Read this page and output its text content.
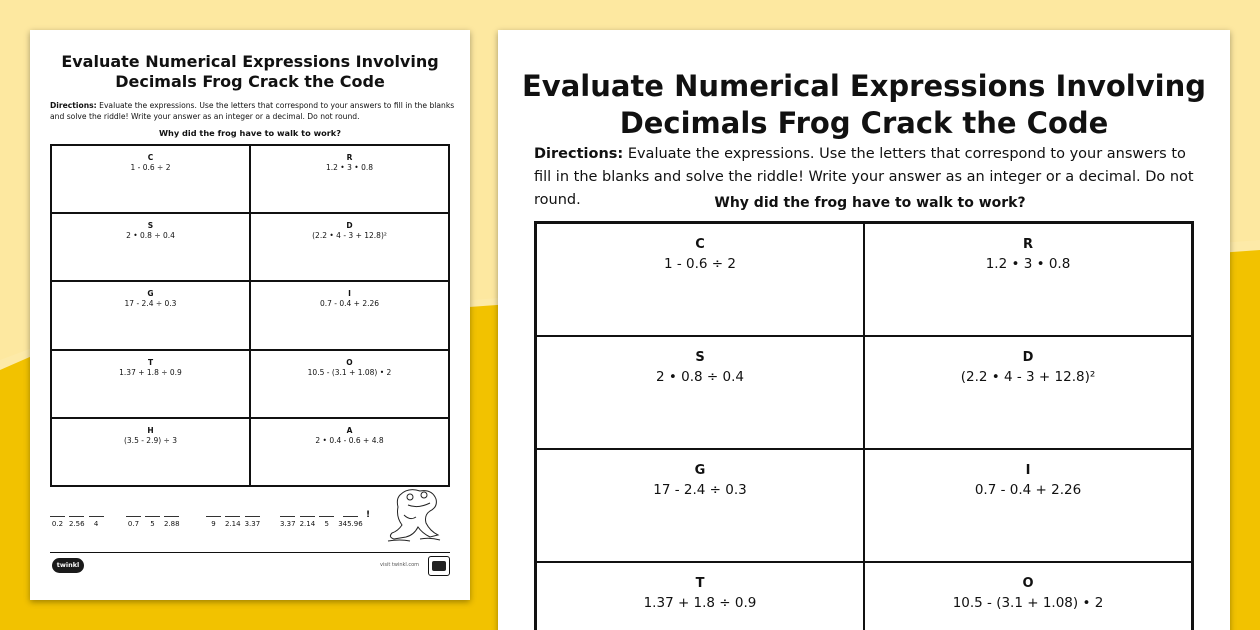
Evaluate Numerical Expressions Involving Decimals Frog Crack the Code
Directions: Evaluate the expressions. Use the letters that correspond to your answers to fill in the blanks and solve the riddle! Write your answer as an integer or a decimal. Do not round.
Why did the frog have to walk to work?
C
1 - 0.6 ÷ 2
R
1.2 • 3 • 0.8
S
2 • 0.8 ÷ 0.4
D
(2.2 • 4 - 3 + 12.8)²
G
17 - 2.4 ÷ 0.3
I
0.7 - 0.4 + 2.26
T
1.37 + 1.8 ÷ 0.9
O
10.5 - (3.1 + 1.08) • 2
H
(3.5 - 2.9) ÷ 3
A
2 • 0.4 - 0.6 + 4.8
0.2 2.56 4	0.7 5 2.88	9 2.14 3.37	3.37 2.14 5 345.96
!
twinkl	visit twinkl.com
Evaluate Numerical Expressions Involving Decimals Frog Crack the Code
Directions: Evaluate the expressions. Use the letters that correspond to your answers to fill in the blanks and solve the riddle! Write your answer as an integer or a decimal. Do not round.	Why did the frog have to walk to work?
C
1 - 0.6 ÷ 2
R
1.2 • 3 • 0.8
S
2 • 0.8 ÷ 0.4
D
(2.2 • 4 - 3 + 12.8)²
G
17 - 2.4 ÷ 0.3
I
0.7 - 0.4 + 2.26
T
1.37 + 1.8 ÷ 0.9
O
10.5 - (3.1 + 1.08) • 2
